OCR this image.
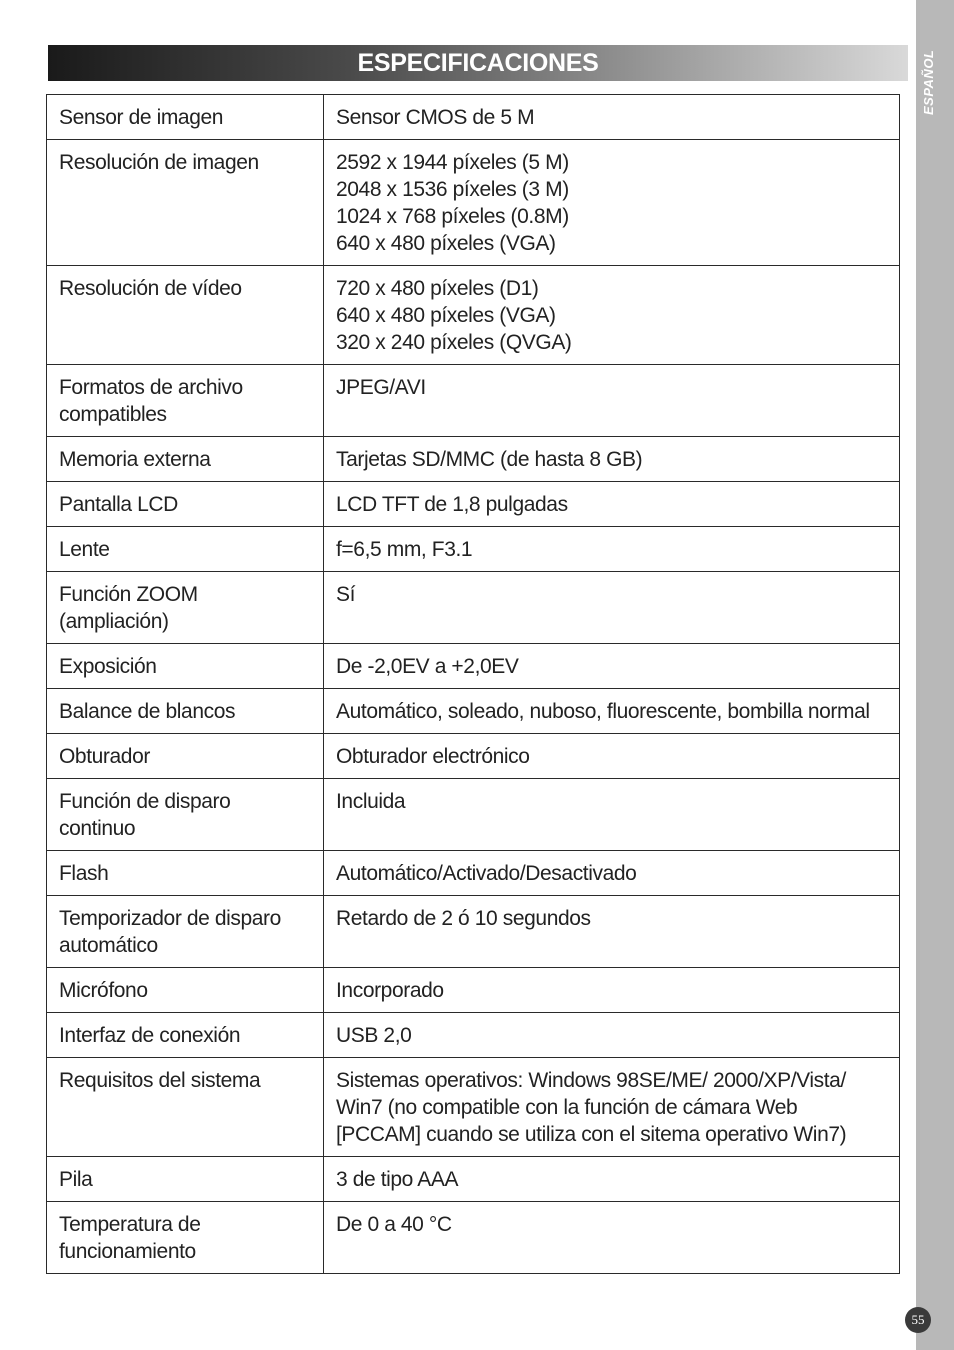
ESPAÑOL
ESPECIFICACIONES
Sensor de imagen	Sensor CMOS de 5 M
Resolución de imagen	2592 x 1944 píxeles (5 M)
2048 x 1536 píxeles (3 M)
1024 x 768 píxeles (0.8M)
640 x 480 píxeles (VGA)
Resolución de vídeo	720 x 480 píxeles (D1)
640 x 480 píxeles (VGA)
320 x 240 píxeles (QVGA)
Formatos de archivo
compatibles	JPEG/AVI
Memoria externa	Tarjetas SD/MMC (de hasta 8 GB)
Pantalla LCD	LCD TFT de 1,8 pulgadas
Lente	f=6,5 mm, F3.1
Función ZOOM
(ampliación)	Sí
Exposición	De -2,0EV a +2,0EV
Balance de blancos	Automático, soleado, nuboso, fluorescente, bombilla normal
Obturador	Obturador electrónico
Función de disparo
continuo	Incluida
Flash	Automático/Activado/Desactivado
Temporizador de disparo
automático	Retardo de 2 ó 10 segundos
Micrófono	Incorporado
Interfaz de conexión	USB 2,0
Requisitos del sistema	Sistemas operativos: Windows 98SE/ME/ 2000/XP/Vista/
Win7 (no compatible con la función de cámara Web
[PCCAM] cuando se utiliza con el sitema operativo Win7)
Pila	3 de tipo AAA
Temperatura de
funcionamiento	De 0 a 40 °C
55
